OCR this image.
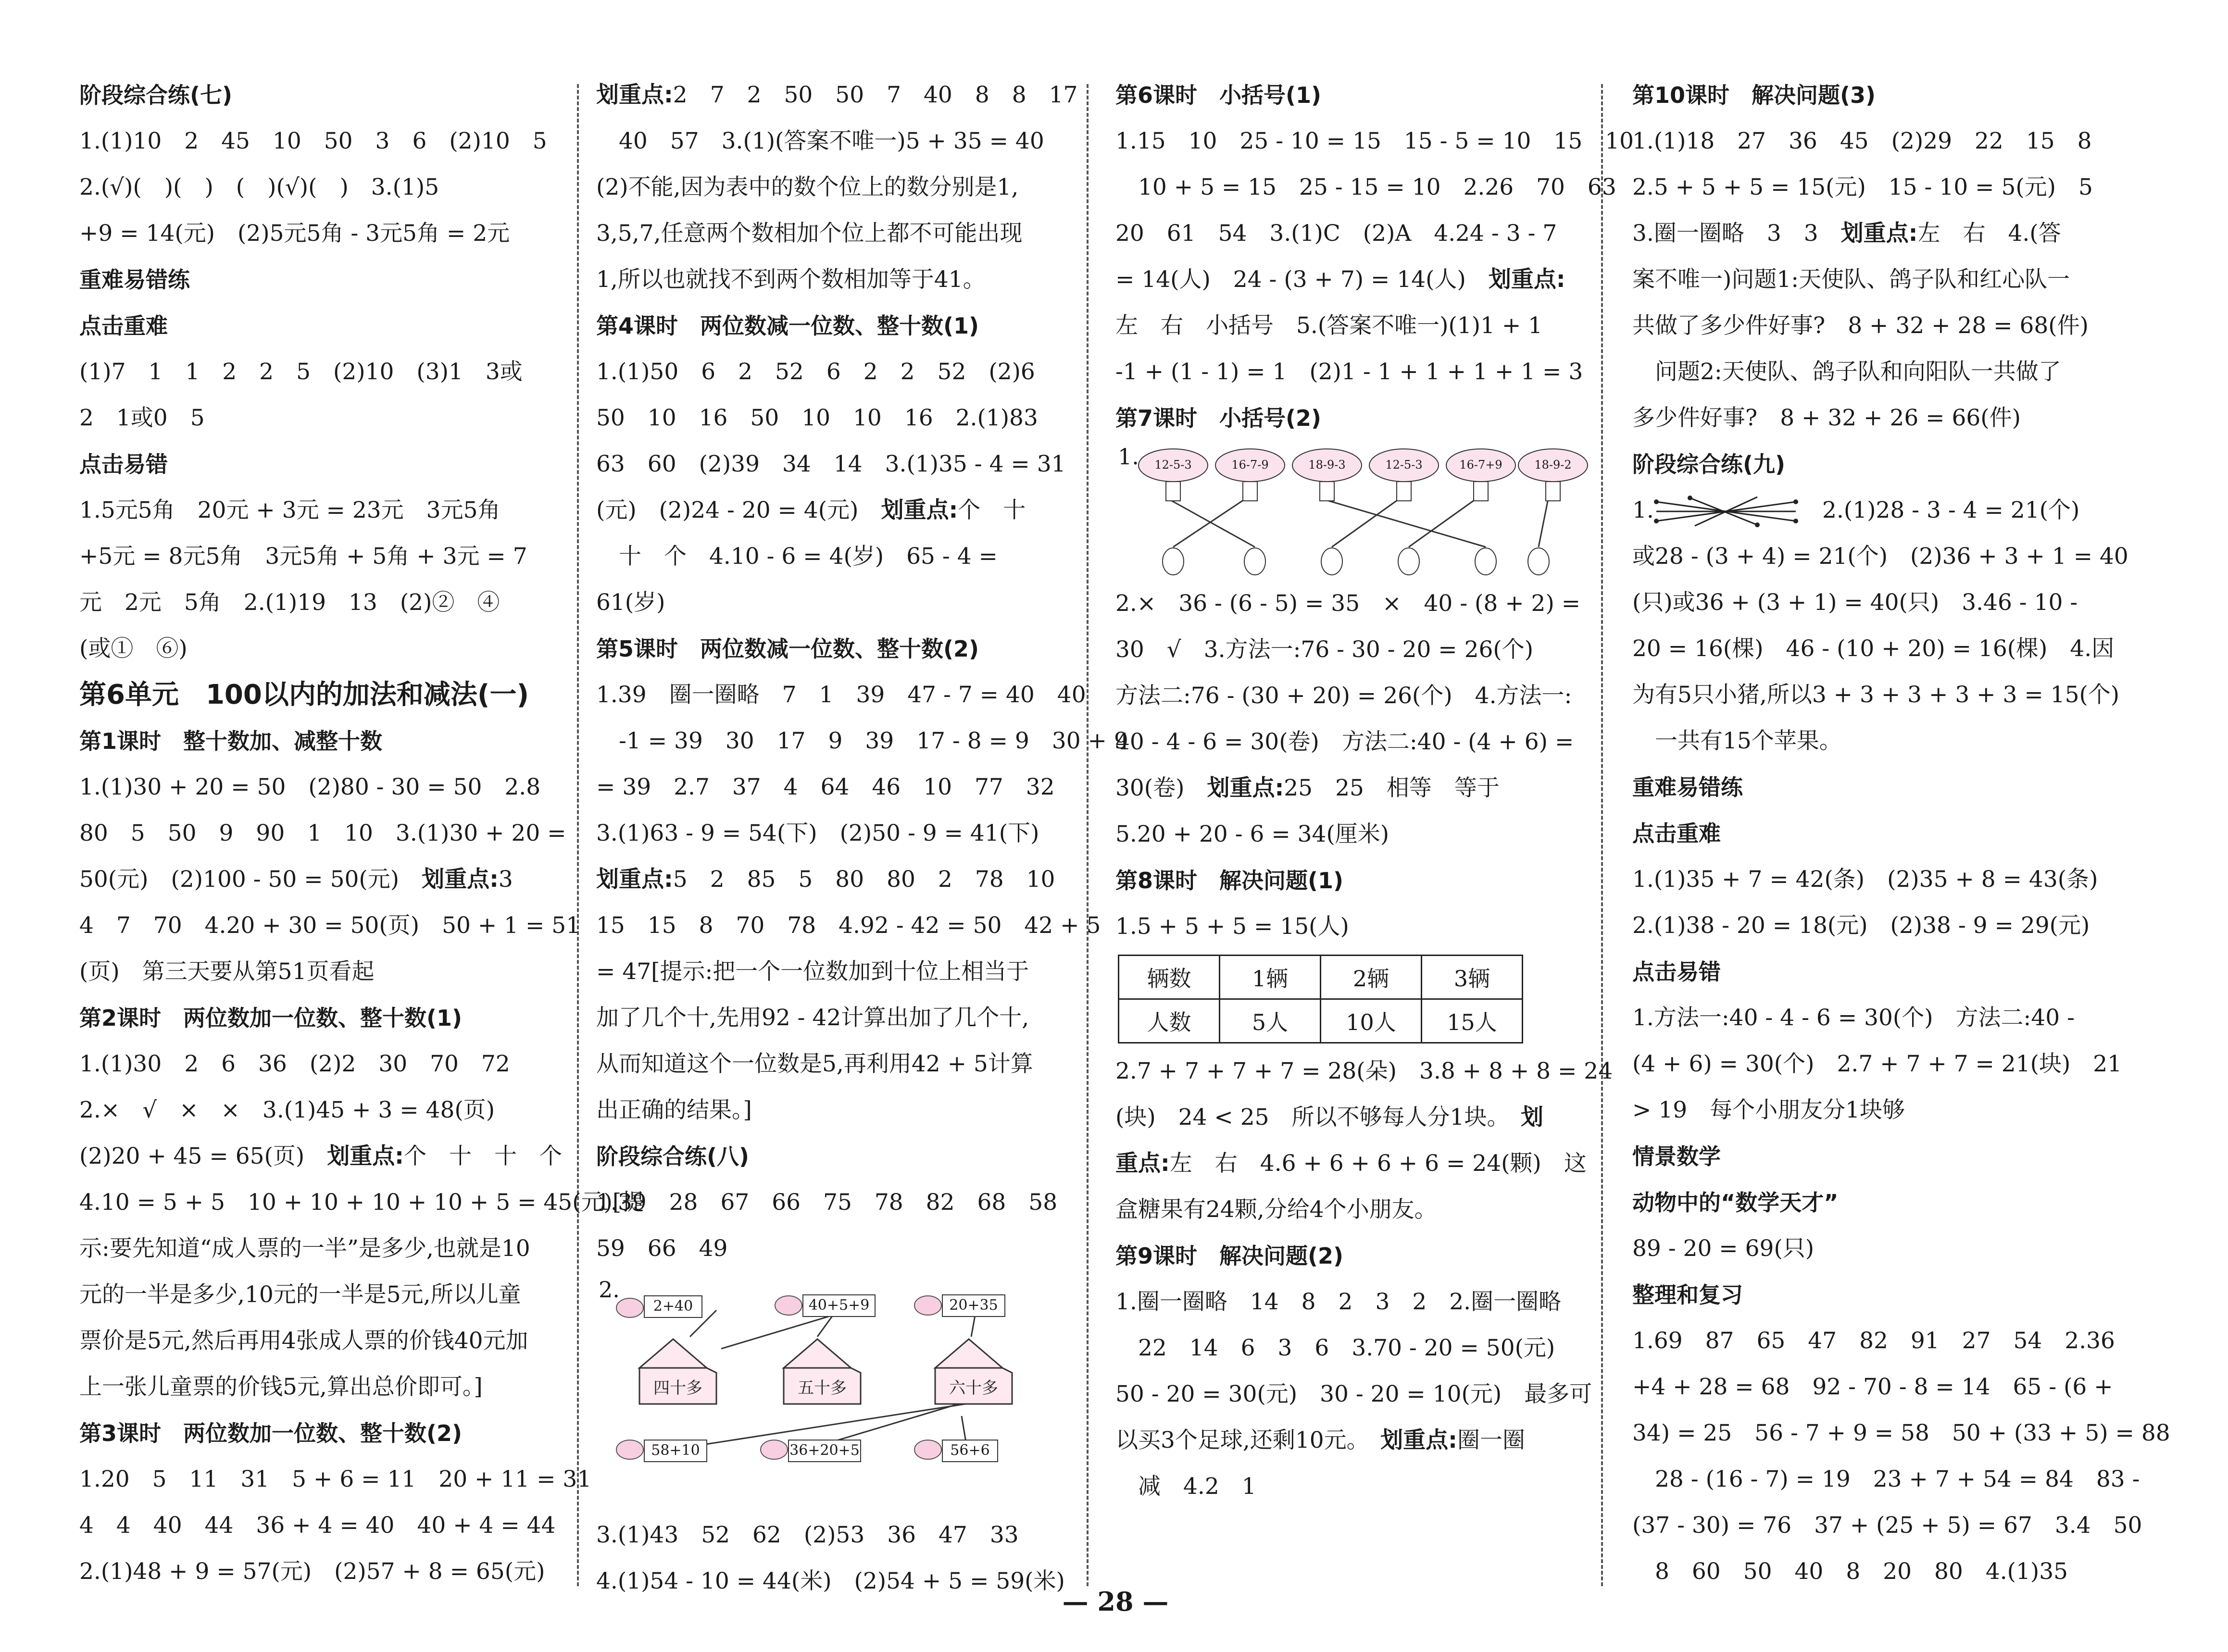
阶段综合练(七)
1.(1)10　2　45　10　50　3　6　(2)10　5
2.(√)(　)(　)　(　)(√)(　)　3.(1)5
+9 = 14(元)　(2)5元5角 - 3元5角 = 2元
重难易错练
点击重难
(1)7　1　1　2　2　5　(2)10　(3)1　3或
2　1或0　5
点击易错
1.5元5角　20元 + 3元 = 23元　3元5角
+5元 = 8元5角　3元5角 + 5角 + 3元 = 7
元　2元　5角　2.(1)19　13　(2)②　④
(或①　⑥)
第6单元　100以内的加法和减法(一)
第1课时　整十数加、减整十数
1.(1)30 + 20 = 50　(2)80 - 30 = 50　2.8
80　5　50　9　90　1　10　3.(1)30 + 20 =
50(元)　(2)100 - 50 = 50(元)　划重点:3
4　7　70　4.20 + 30 = 50(页)　50 + 1 = 51
(页)　第三天要从第51页看起
第2课时　两位数加一位数、整十数(1)
1.(1)30　2　6　36　(2)2　30　70　72
2.×　√　×　×　3.(1)45 + 3 = 48(页)
(2)20 + 45 = 65(页)　划重点:个　十　十　个
4.10 = 5 + 5　10 + 10 + 10 + 10 + 5 = 45(元)[提
示:要先知道“成人票的一半”是多少,也就是10
元的一半是多少,10元的一半是5元,所以儿童
票价是5元,然后再用4张成人票的价钱40元加
上一张儿童票的价钱5元,算出总价即可。]
第3课时　两位数加一位数、整十数(2)
1.20　5　11　31　5 + 6 = 11　20 + 11 = 31
4　4　40　44　36 + 4 = 40　40 + 4 = 44
2.(1)48 + 9 = 57(元)　(2)57 + 8 = 65(元)
划重点:2　7　2　50　50　7　40　8　8　17
　40　57　3.(1)(答案不唯一)5 + 35 = 40
(2)不能,因为表中的数个位上的数分别是1,
3,5,7,任意两个数相加个位上都不可能出现
1,所以也就找不到两个数相加等于41。
第4课时　两位数减一位数、整十数(1)
1.(1)50　6　2　52　6　2　2　52　(2)6
50　10　16　50　10　10　16　2.(1)83
63　60　(2)39　34　14　3.(1)35 - 4 = 31
(元)　(2)24 - 20 = 4(元)　划重点:个　十
　十　个　4.10 - 6 = 4(岁)　65 - 4 =
61(岁)
第5课时　两位数减一位数、整十数(2)
1.39　圈一圈略　7　1　39　47 - 7 = 40　40
　-1 = 39　30　17　9　39　17 - 8 = 9　30 + 9
= 39　2.7　37　4　64　46　10　77　32
3.(1)63 - 9 = 54(下)　(2)50 - 9 = 41(下)
划重点:5　2　85　5　80　80　2　78　10
15　15　8　70　78　4.92 - 42 = 50　42 + 5
= 47[提示:把一个一位数加到十位上相当于
加了几个十,先用92 - 42计算出加了几个十,
从而知道这个一位数是5,再利用42 + 5计算
出正确的结果。]
阶段综合练(八)
1.39　28　67　66　75　78　82　68　58
59　66　49
2.
四十多	五十多	六十多
2+40	40+5+9	20+35
58+10	36+20+5	56+6
3.(1)43　52　62　(2)53　36　47　33
4.(1)54 - 10 = 44(米)　(2)54 + 5 = 59(米)
第6课时　小括号(1)
1.15　10　25 - 10 = 15　15 - 5 = 10　15　10
　10 + 5 = 15　25 - 15 = 10　2.26　70　63
20　61　54　3.(1)C　(2)A　4.24 - 3 - 7
= 14(人)　24 - (3 + 7) = 14(人)　划重点:
左　右　小括号　5.(答案不唯一)(1)1 + 1
-1 + (1 - 1) = 1　(2)1 - 1 + 1 + 1 + 1 = 3
第7课时　小括号(2)
1.	12-5-3	16-7-9	18-9-3	12-5-3	16-7+9	18-9-2
2.×　36 - (6 - 5) = 35　×　40 - (8 + 2) =
30　√　3.方法一:76 - 30 - 20 = 26(个)
方法二:76 - (30 + 20) = 26(个)　4.方法一:
40 - 4 - 6 = 30(卷)　方法二:40 - (4 + 6) =
30(卷)　划重点:25　25　相等　等于
5.20 + 20 - 6 = 34(厘米)
第8课时　解决问题(1)
1.5 + 5 + 5 = 15(人)
辆数	1辆	2辆	3辆
人数	5人	10人	15人
2.7 + 7 + 7 + 7 = 28(朵)　3.8 + 8 + 8 = 24
(块)　24 < 25　所以不够每人分1块。　划
重点:左　右　4.6 + 6 + 6 + 6 = 24(颗)　这
盒糖果有24颗,分给4个小朋友。
第9课时　解决问题(2)
1.圈一圈略　14　8　2　3　2　2.圈一圈略
　22　14　6　3　6　3.70 - 20 = 50(元)
50 - 20 = 30(元)　30 - 20 = 10(元)　最多可
以买3个足球,还剩10元。　划重点:圈一圈
　减　4.2　1
第10课时　解决问题(3)
1.(1)18　27　36　45　(2)29　22　15　8
2.5 + 5 + 5 = 15(元)　15 - 10 = 5(元)　5
3.圈一圈略　3　3　划重点:左　右　4.(答
案不唯一)问题1:天使队、鸽子队和红心队一
共做了多少件好事?　8 + 32 + 28 = 68(件)
　问题2:天使队、鸽子队和向阳队一共做了
多少件好事?　8 + 32 + 26 = 66(件)
阶段综合练(九)
1.	2.(1)28 - 3 - 4 = 21(个)
或28 - (3 + 4) = 21(个)　(2)36 + 3 + 1 = 40
(只)或36 + (3 + 1) = 40(只)　3.46 - 10 -
20 = 16(棵)　46 - (10 + 20) = 16(棵)　4.因
为有5只小猪,所以3 + 3 + 3 + 3 + 3 = 15(个)
　一共有15个苹果。
重难易错练
点击重难
1.(1)35 + 7 = 42(条)　(2)35 + 8 = 43(条)
2.(1)38 - 20 = 18(元)　(2)38 - 9 = 29(元)
点击易错
1.方法一:40 - 4 - 6 = 30(个)　方法二:40 -
(4 + 6) = 30(个)　2.7 + 7 + 7 = 21(块)　21
> 19　每个小朋友分1块够
情景数学
动物中的“数学天才”
89 - 20 = 69(只)
整理和复习
1.69　87　65　47　82　91　27　54　2.36
+4 + 28 = 68　92 - 70 - 8 = 14　65 - (6 +
34) = 25　56 - 7 + 9 = 58　50 + (33 + 5) = 88
　28 - (16 - 7) = 19　23 + 7 + 54 = 84　83 -
(37 - 30) = 76　37 + (25 + 5) = 67　3.4　50
　8　60　50　40　8　20　80　4.(1)35
— 28 —
